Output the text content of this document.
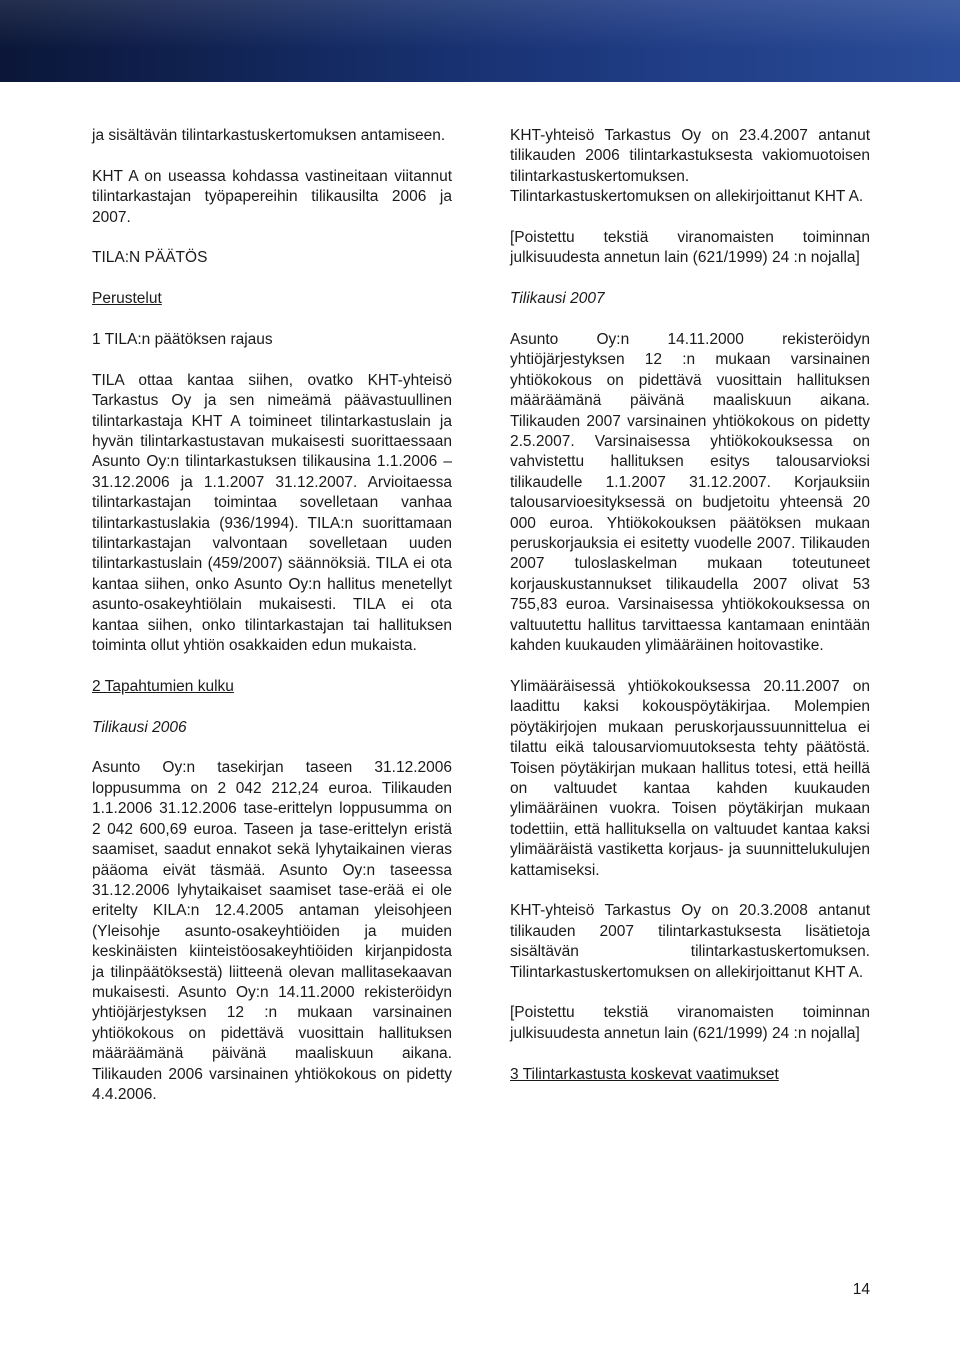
ja sisältävän tilintarkastuskertomuksen antamiseen.

KHT A on useassa kohdassa vastineitaan viitannut tilintarkastajan työpapereihin tilikausilta 2006 ja 2007.

TILA:N PÄÄTÖS
Perustelut
1 TILA:n päätöksen rajaus

TILA ottaa kantaa siihen, ovatko KHT-yhteisö Tarkastus Oy ja sen nimeämä päävastuullinen tilintarkastaja KHT A toimineet tilintarkastuslain ja hyvän tilintarkastustavan mukaisesti suorittaessaan Asunto Oy:n tilintarkastuksen tilikausina 1.1.2006 – 31.12.2006 ja 1.1.2007 31.12.2007. Arvioitaessa tilintarkastajan toimintaa sovelletaan vanhaa tilintarkastuslakia (936/1994). TILA:n suorittamaan tilintarkastajan valvontaan sovelletaan uuden tilintarkastuslain (459/2007) säännöksiä. TILA ei ota kantaa siihen, onko Asunto Oy:n hallitus menetellyt asunto-osakeyhtiölain mukaisesti. TILA ei ota kantaa siihen, onko tilintarkastajan tai hallituksen toiminta ollut yhtiön osakkaiden edun mukaista.

2 Tapahtumien kulku
Tilikausi 2006

Asunto Oy:n tasekirjan taseen 31.12.2006 loppusumma on 2 042 212,24 euroa. Tilikauden 1.1.2006 31.12.2006 tase-erittelyn loppusumma on 2 042 600,69 euroa. Taseen ja tase-erittelyn eristä saamiset, saadut ennakot sekä lyhytaikainen vieras pääoma eivät täsmää. Asunto Oy:n taseessa 31.12.2006 lyhytaikaiset saamiset tase-erää ei ole eritelty KILA:n 12.4.2005 antaman yleisohjeen (Yleisohje asunto-osakeyhtiöiden ja muiden keskinäisten kiinteistöosakeyhtiöiden kirjanpidosta ja tilinpäätöksestä) liitteenä olevan mallitasekaavan mukaisesti. Asunto Oy:n 14.11.2000 rekisteröidyn yhtiöjärjestyksen 12 :n mukaan varsinainen yhtiökokous on pidettävä vuosittain hallituksen määräämänä päivänä maaliskuun aikana. Tilikauden 2006 varsinainen yhtiökokous on pidetty 4.4.2006.

KHT-yhteisö Tarkastus Oy on 23.4.2007 antanut tilikauden 2006 tilintarkastuksesta vakiomuotoisen tilintarkastuskertomuksen. Tilintarkastuskertomuksen on allekirjoittanut KHT A.

[Poistettu tekstiä viranomaisten toiminnan julkisuudesta annetun lain (621/1999) 24 :n nojalla]

Tilikausi 2007

Asunto Oy:n 14.11.2000 rekisteröidyn yhtiöjärjestyksen 12 :n mukaan varsinainen yhtiökokous on pidettävä vuosittain hallituksen määräämänä päivänä maaliskuun aikana. Tilikauden 2007 varsinainen yhtiökokous on pidetty 2.5.2007. Varsinaisessa yhtiökokouksessa on vahvistettu hallituksen esitys talousarvioksi tilikaudelle 1.1.2007 31.12.2007. Korjauksiin talousarvioesityksessä on budjetoitu yhteensä 20 000 euroa. Yhtiökokouksen päätöksen mukaan peruskorjauksia ei esitetty vuodelle 2007. Tilikauden 2007 tuloslaskelman mukaan toteutuneet korjauskustannukset tilikaudella 2007 olivat 53 755,83 euroa. Varsinaisessa yhtiökokouksessa on valtuutettu hallitus tarvittaessa kantamaan enintään kahden kuukauden ylimääräinen hoitovastike.

Ylimääräisessä yhtiökokouksessa 20.11.2007 on laadittu kaksi kokouspöytäkirjaa. Molempien pöytäkirjojen mukaan peruskorjaussuunnittelua ei tilattu eikä talousarviomuutoksesta tehty päätöstä. Toisen pöytäkirjan mukaan hallitus totesi, että heillä on valtuudet kantaa kahden kuukauden ylimääräinen vuokra. Toisen pöytäkirjan mukaan todettiin, että hallituksella on valtuudet kantaa kaksi ylimääräistä vastiketta korjaus- ja suunnittelukulujen kattamiseksi.

KHT-yhteisö Tarkastus Oy on 20.3.2008 antanut tilikauden 2007 tilintarkastuksesta lisätietoja sisältävän tilintarkastuskertomuksen. Tilintarkastuskertomuksen on allekirjoittanut KHT A.

[Poistettu tekstiä viranomaisten toiminnan julkisuudesta annetun lain (621/1999) 24 :n nojalla]

3 Tilintarkastusta koskevat vaatimukset
14
